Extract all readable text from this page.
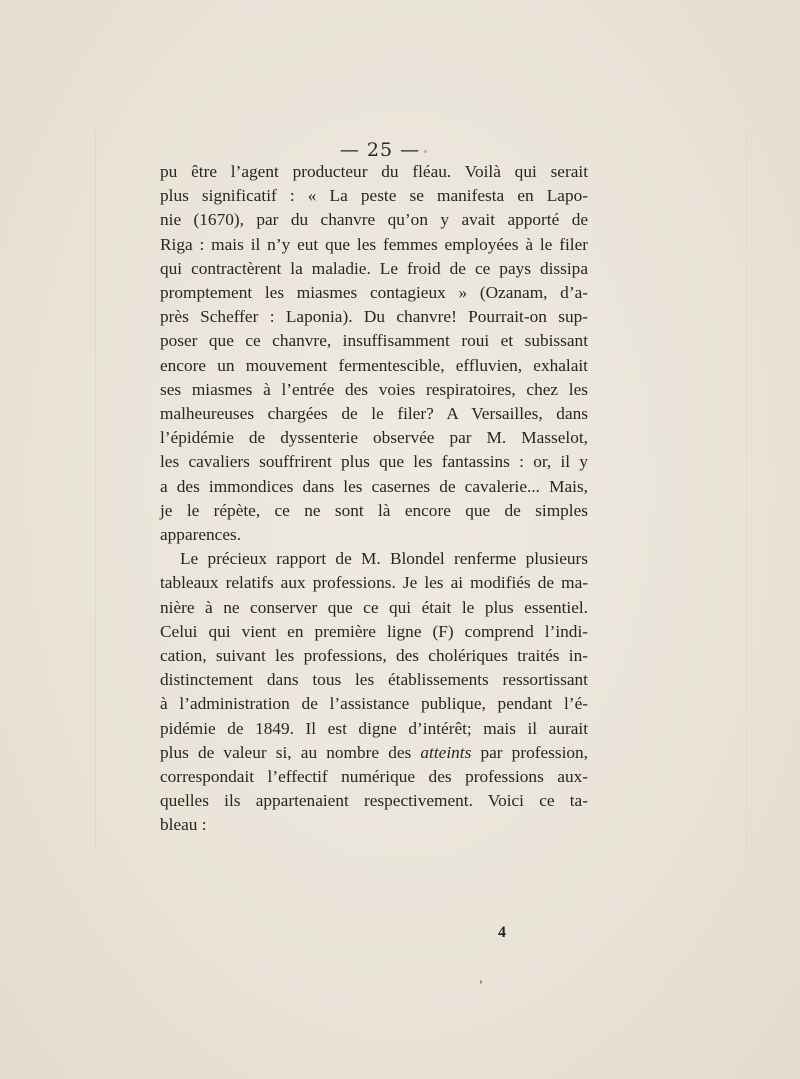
— 25 —

pu être l’agent producteur du fléau. Voilà qui serait
plus significatif : « La peste se manifesta en Lapo-
nie (1670), par du chanvre qu’on y avait apporté de
Riga : mais il n’y eut que les femmes employées à le filer
qui contractèrent la maladie. Le froid de ce pays dissipa
promptement les miasmes contagieux » (Ozanam, d’a-
près Scheffer : Laponia). Du chanvre! Pourrait-on sup-
poser que ce chanvre, insuffisamment roui et subissant
encore un mouvement fermentescible, effluvien, exhalait
ses miasmes à l’entrée des voies respiratoires, chez les
malheureuses chargées de le filer? A Versailles, dans
l’épidémie de dyssenterie observée par M. Masselot,
les cavaliers souffrirent plus que les fantassins : or, il y
a des immondices dans les casernes de cavalerie... Mais,
je le répète, ce ne sont là encore que de simples
apparences.

Le précieux rapport de M. Blondel renferme plusieurs
tableaux relatifs aux professions. Je les ai modifiés de ma-
nière à ne conserver que ce qui était le plus essentiel.
Celui qui vient en première ligne (F) comprend l’indi-
cation, suivant les professions, des cholériques traités in-
distinctement dans tous les établissements ressortissant
à l’administration de l’assistance publique, pendant l’é-
pidémie de 1849. Il est digne d’intérêt; mais il aurait
plus de valeur si, au nombre des atteints par profession,
correspondait l’effectif numérique des professions aux-
quelles ils appartenaient respectivement. Voici ce ta-
bleau :

4
